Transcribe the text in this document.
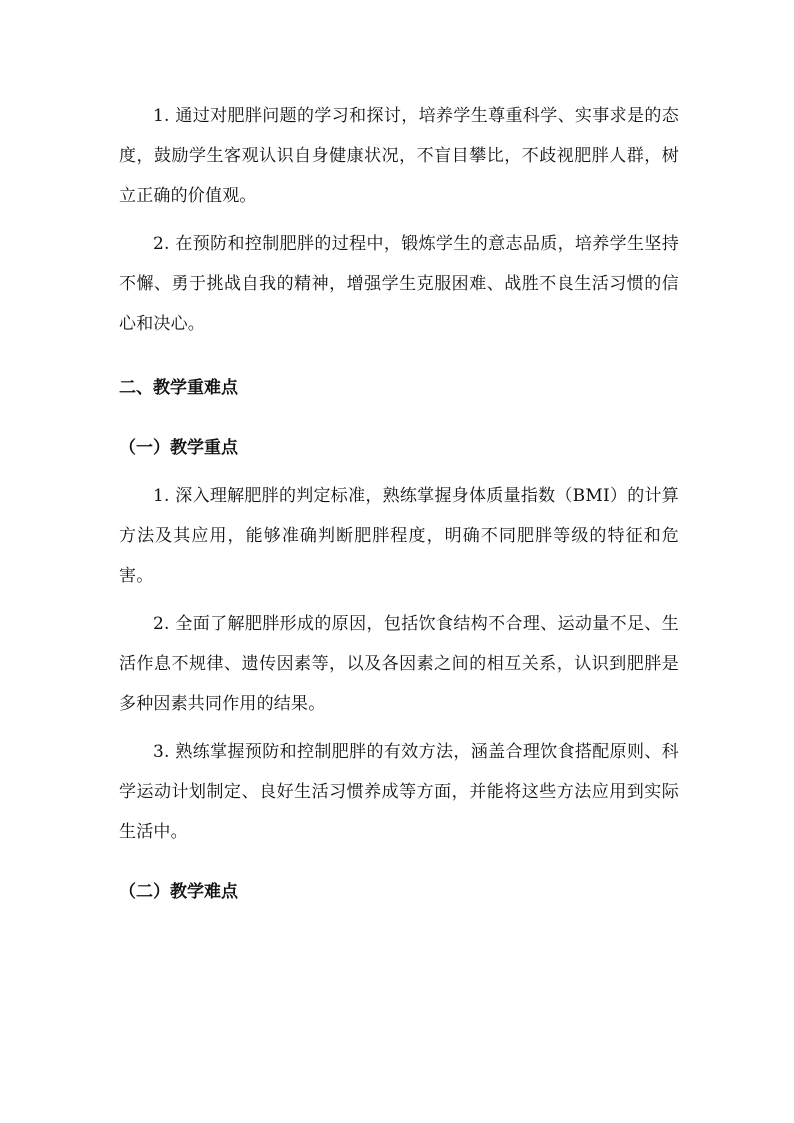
1. 通过对肥胖问题的学习和探讨，培养学生尊重科学、实事求是的态度，鼓励学生客观认识自身健康状况，不盲目攀比，不歧视肥胖人群，树立正确的价值观。

2. 在预防和控制肥胖的过程中，锻炼学生的意志品质，培养学生坚持不懈、勇于挑战自我的精神，增强学生克服困难、战胜不良生活习惯的信心和决心。

二、教学重难点
（一）教学重点

1. 深入理解肥胖的判定标准，熟练掌握身体质量指数（BMI）的计算方法及其应用，能够准确判断肥胖程度，明确不同肥胖等级的特征和危害。

2. 全面了解肥胖形成的原因，包括饮食结构不合理、运动量不足、生活作息不规律、遗传因素等，以及各因素之间的相互关系，认识到肥胖是多种因素共同作用的结果。

3. 熟练掌握预防和控制肥胖的有效方法，涵盖合理饮食搭配原则、科学运动计划制定、良好生活习惯养成等方面，并能将这些方法应用到实际生活中。

（二）教学难点
